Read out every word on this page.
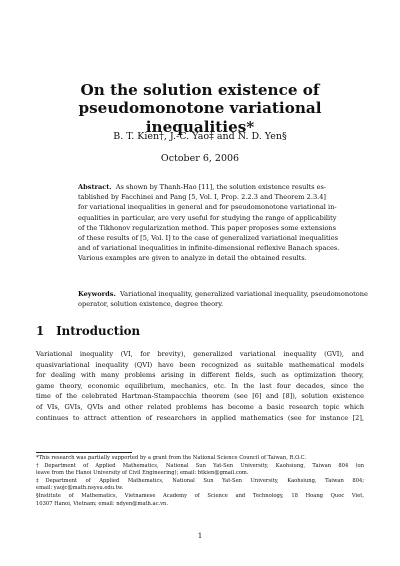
On the solution existence of
pseudomonotone variational inequalities*
B. T. Kien†, J.-C. Yao‡ and N. D. Yen§
October 6, 2006
Abstract. As shown by Thanh-Hao [11], the solution existence results es-
tablished by Facchinei and Pang [5, Vol. I, Prop. 2.2.3 and Theorem 2.3.4]
for variational inequalities in general and for pseudomonotone variational in-
equalities in particular, are very useful for studying the range of applicability
of the Tikhonov regularization method. This paper proposes some extensions
of these results of [5, Vol. I] to the case of generalized variational inequalities
and of variational inequalities in infinite-dimensional reflexive Banach spaces.
Various examples are given to analyze in detail the obtained results.
Keywords. Variational inequality, generalized variational inequality, pseudomonotone
operator, solution existence, degree theory.
1 Introduction
Variational inequality (VI, for brevity), generalized variational inequality (GVI), and
quasivariational inequality (QVI) have been recognized as suitable mathematical models
for dealing with many problems arising in different fields, such as optimization theory,
game theory, economic equilibrium, mechanics, etc. In the last four decades, since the
time of the celebrated Hartman-Stampacchia theorem (see [6] and [8]), solution existence
of VIs, GVIs, QVIs and other related problems has become a basic research topic which
continues to attract attention of researchers in applied mathematics (see for instance [2],
*This research was partially supported by a grant from the National Science Council of Taiwan, R.O.C.
†Department of Applied Mathematics, National Sun Yat-Sen University, Kaohsiung, Taiwan 804 (on
leave from the Hanoi University of Civil Engineering); email: btkien@gmail.com.
‡Department of Applied Mathematics, National Sun Yat-Sen University, Kaohsiung, Taiwan 804;
email: yaojc@math.nsysu.edu.tw.
§Institute of Mathematics, Vietnamese Academy of Science and Technology, 18 Hoang Quoc Viet,
10307 Hanoi, Vietnam; email: ndyen@math.ac.vn.
1
